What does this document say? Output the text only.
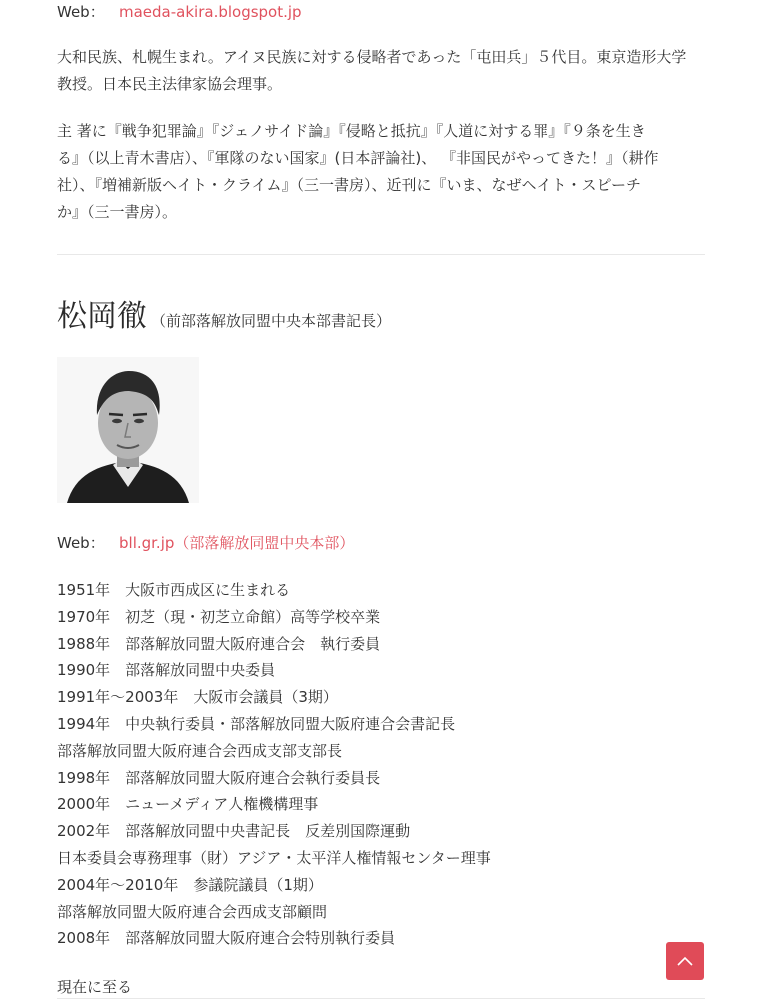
Web： maeda-akira.blogspot.jp

大和民族、札幌生まれ。アイヌ民族に対する侵略者であった「屯田兵」５代目。東京造形大学

教授。日本民主法律家協会理事。

主 著に『戦争犯罪論』『ジェノサイド論』『侵略と抵抗』『人道に対する罪』『９条を生き

る』（以上青木書店）、『軍隊のない国家』(日本評論社)、 『非国民がやってきた！』（耕作

社）、『増補新版ヘイト・クライム』（三一書房）、近刊に『いま、なぜヘイト・スピーチ

か』（三一書房）。

松岡徹 （前部落解放同盟中央本部書記長）
Web： bll.gr.jp（部落解放同盟中央本部）

1951年　大阪市西成区に生まれる

1970年　初芝（現・初芝立命館）高等学校卒業

1988年　部落解放同盟大阪府連合会　執行委員

1990年　部落解放同盟中央委員

1991年～2003年　大阪市会議員（3期）

1994年　中央執行委員・部落解放同盟大阪府連合会書記長

部落解放同盟大阪府連合会西成支部支部長

1998年　部落解放同盟大阪府連合会執行委員長

2000年　ニューメディア人権機構理事

2002年　部落解放同盟中央書記長　反差別国際運動

日本委員会専務理事（財）アジア・太平洋人権情報センター理事

2004年～2010年　参議院議員（1期）

部落解放同盟大阪府連合会西成支部顧問

2008年　部落解放同盟大阪府連合会特別執行委員

現在に至る
